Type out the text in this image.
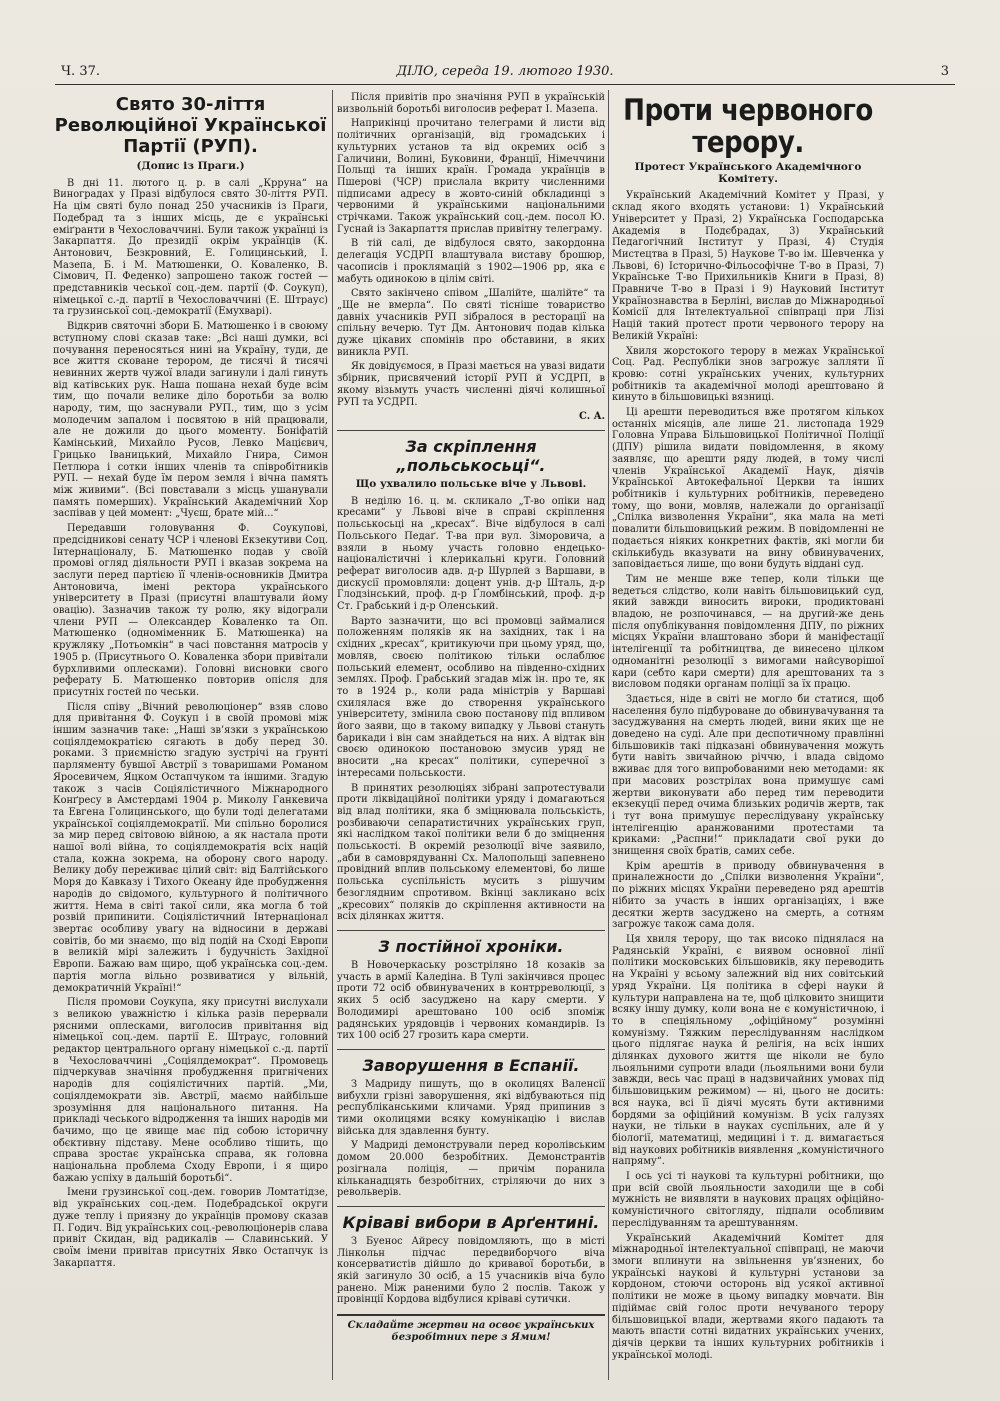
Ч. 37.	ДІЛО, середа 19. лютого 1930.	3
Свято 30-ліття Революційної Української Партії (РУП).
(Допис із Праги.)

В дні 11. лютого ц. р. в салі „Крруна“ на Виноградах у Празі відбулося свято 30-ліття РУП. На цім святі було понад 250 учасників із Праги, Подебрад та з інших місць, де є українські еміґранти в Чехословаччині. Були також українці із Закарпаття. До президії окрім українців (К. Антонович, Безкровний, Е. Голицинський, І. Мазепа, Б. і М. Матюшенки, О. Коваленко, В. Сімович, П. Феденко) запрошено також гостей — представників чеської соц.-дем. партії (Ф. Соукуп), німецької с.-д. партії в Чехословаччині (Е. Штраус) та грузинської соц.-демократії (Емухварі).

Відкрив святочні збори Б. Матюшенко і в своюму вступному слові сказав таке: „Всі наші думки, всі почування переносяться нині на Україну, туди, де все життя сковане терором, де тисячі й тисячі невинних жертв чужої влади загинули і далі гинуть від катівських рук. Наша пошана нехай буде всім тим, що почали велике діло боротьби за волю народу, тим, що заснували РУП., тим, що з усім молодечим запалом і посвятою в ній працювали, але не дожили до цього моменту. Боніфатій Камінський, Михайло Русов, Левко Мацієвич, Грицько Іваницький, Михайло Гнира, Симон Петлюра і сотки інших членів та співробітників РУП. — нехай буде їм пером земля і вічна память між живими“. (Всі повставали з місць ушанували память померших). Український Академічний Хор заспівав у цей момент: „Чуєш, брате мій...“

Передавши головування Ф. Соукупові, предсідникові сенату ЧСР і членові Екзекутиви Соц. Інтернаціоналу, Б. Матюшенко подав у своїй промові огляд діяльности РУП і вказав зокрема на заслуги перед партією її членів-основників Дмитра Антоновича, імені ректора українського університету в Празі (присутні влаштували йому овацію). Зазначив також ту ролю, яку відограли члени РУП — Олександер Коваленко та Оп. Матюшенко (одноміменник Б. Матюшенка) на кружляку „Потьомкін“ в часі повстання матросів у 1905 р. (Присутнього О. Коваленка збори привітали бурхливими оплесками). Головні висновки свого реферату Б. Матюшенко повторив опісля для присутніх гостей по чеськи.

Після співу „Вічний революціонер“ взяв слово для привітання Ф. Соукуп і в своїй промові між іншим зазначив таке: „Наші зв’язки з українською соціялдемократією сягають в добу перед 30. роками. З приємністю згадую зустрічі на ґрунті парляменту бувшої Австрії з товаришами Романом Яросевичем, Яцком Остапчуком та іншими. Згадую також з часів Соціялістичного Міжнародного Конґресу в Амстердамі 1904 р. Миколу Ганкевича та Евгена Голицинського, що були тоді делегатами української соціялдемократії. Ми спільно боролися за мир перед світовою війною, а як настала проти нашої волі війна, то соціялдемократія всіх націй стала, кожна зокрема, на оборону свого народу. Велику добу переживає цілий світ: від Балтійського Моря до Кавказу і Тихого Океану йде пробудження народів до свідомого, культурного й політичного життя. Нема в світі такої сили, яка могла б той розвій припинити. Соціялістичний Інтернаціонал звертає особливу увагу на відносини в державі совітів, бо ми знаємо, що від подій на Сході Европи в великій мірі залежить і будучність Західної Европи. Бажаю вам щиро, щоб українська соц.-дем. партія могла вільно розвиватися у вільній, демократичній Україні!“

Після промови Соукупа, яку присутні вислухали з великою уважністю і кілька разів перервали рясними оплесками, виголосив привітання від німецької соц.-дем. партії Е. Штраус, головний редактор центрального органу німецької с.-д. партії в Чехословаччині „Соціялдемократ“. Промовець підчеркував значіння пробудження пригнічених народів для соціялістичних партій. „Ми, соціялдемократи зів. Австрії, маємо найбільше зрозуміння для національного питання. На прикладі чеського відродження та інших народів ми бачимо, що це явище має під собою історичну обєктивну підставу. Мене особливо тішить, що справа зростає українська справа, як головна національна проблема Сходу Европи, і я щиро бажаю успіху в дальшій боротьбі“.

Імени грузинської соц.-дем. говорив Ломтатідзе, від українських соц.-дем. Подебрадської округи дуже теплу і приязну до українців промову сказав П. Годич. Від українських соц.-революціонерів слава привіт Скидан, від радикалів — Славинський. У своїм імени привітав присутніх Явко Остапчук із Закарпаття.

Після привітів про значіння РУП в українській визвольній боротьбі виголосив реферат І. Мазепа.

Наприкінці прочитано телеграми й листи від політичних організацій, від громадських і культурних установ та від окремих осіб з Галичини, Волині, Буковини, Франції, Німеччини Польщі та інших країн. Громада українців в Пшерові (ЧСР) прислала вкриту численними підписами адресу в жовто-синій обкладинці з червоними й українськими національними стрічками. Також український соц.-дем. посол Ю. Гуснай із Закарпаття прислав привітну телеграму.

В тій салі, де відбулося свято, закордонна делегація УСДРП влаштувала виставу брошюр, часописів і проклямацій з 1902—1906 рр, яка є мабуть одинокою в цілім світі.

Свято закінчено співом „Шалійте, шалійте“ та „Ще не вмерла“. По святі тісніше товариство давніх учасників РУП зібралося в ресторації на спільну вечерю. Тут Дм. Антонович подав кілька дуже цікавих спомінів про обставини, в яких виникла РУП.

Як довідуємося, в Празі мається на увазі видати збірник, присвячений історії РУП й УСДРП, в якому візьмуть участь численні діячі колишньої РУП та УСДРП.

С. А.
За скріплення „польськосьці“.
Що ухвалило польське віче у Львові.

В неділю 16. ц. м. скликало „Т-во опіки над кресами“ у Львові віче в справі скріплення польськосьці на „кресах“. Віче відбулося в салі Польського Педаґ. Т-ва при вул. Зіморовича, а взяли в ньому участь головно ендецько-націоналістичні і клерикальні круги. Головний реферат виголосив адв. д-р Шурлей з Варшави, в дискусії промовляли: доцент унів. д-р Шталь, д-р Глодзінський, проф. д-р Ґломбінський, проф. д-р Ст. Грабський і д-р Оленський.

Варто зазначити, що всі промовці займалися положенням поляків як на західних, так і на східних „кресах“, критикуючи при цьому уряд, що, мовляв, своєю політикою тільки ослаблює польський елемент, особливо на південно-східних землях. Проф. Грабський згадав між ін. про те, як то в 1924 р., коли рада міністрів у Варшаві схилялася вже до створення українського університету, змінила свою постанову під впливом його заяви, що в такому випадку у Львові стануть барикади і він сам знайдеться на них. А відтак він своєю одинокою постановою змусив уряд не вносити „на кресах“ політики, суперечної з інтересами польськости.

В принятих резолюціях зібрані запротестували проти ліквідаційної політики уряду і домагаються від влад політики, яка б зміцнювала польськість, розбиваючи сепаратистичних українських груп, які наслідком такої політики вели б до зміцнення польськості. В окремій резолюції віче заявило, „аби в самоврядуванні Сх. Малопольщі запевнено провідний вплив польському елементові, бо лише польська суспільність мусить з рішучим безоглядним спротивом. Вкінці закликано всіх „кресових“ поляків до скріплення активности на всіх ділянках життя.

З постійної хроніки.

В Новочеркаську розстріляно 18 козаків за участь в армії Каледіна. В Тулі закінчився процес проти 72 осіб обвинувачених в контрреволюції, з яких 5 осіб засуджено на кару смерти. У Володимирі арештовано 100 осіб зпоміж радянських урядовців і червоних командирів. Із тих 100 осіб 27 грозить кара смерти.

Заворушення в Еспанії.

З Мадриду пишуть, що в околицях Валенсії вибухли грізні заворушення, які відбуваються під республіканськими кличами. Уряд припинив з тими околицями всяку комунікацію і вислав війська для здавлення бунту.

У Мадриді демонстрували перед королівським домом 20.000 безробітних. Демонстрантів розігнала поліція, — причім поранила кільканадцять безробітних, стріляючи до них з револьверів.

Кріваві вибори в Арґентині.

З Буенос Айресу повідомляють, що в місті Лінкольн підчас передвиборчого віча консерватистів дійшло до кривавої боротьби, в якій загинуло 30 осіб, а 15 учасників віча було ранено. Між раненими було 2 послів. Також у провінції Кордова відбулися кріваві сутички.

Складайте жертви на освоє українських безробітних пере з Ямим!
Проти червоного терору.
Протест Українського Академічного Комітету.

Український Академічний Комітет у Празі, у склад якого входять установи: 1) Український Університет у Празі, 2) Українська Господарська Академія в Подєбрадах, 3) Український Педагогічний Інститут у Празі, 4) Студія Мистецтва в Празі, 5) Наукове Т-во ім. Шевченка у Львові, 6) Історично-Фільософічне Т-во в Празі, 7) Українське Т-во Прихильників Книги в Празі, 8) Правниче Т-во в Празі і 9) Науковий Інститут Українознавства в Берліні, вислав до Міжнародньої Комісії для Інтелектуальної співпраці при Лізі Націй такий протест проти червоного терору на Великій Україні:

Хвиля жорстокого терору в межах Української Соц. Рад. Республіки знов загрожує залляти її кровю: сотні українських учених, культурних робітників та академічної молоді арештовано й кинуто в більшовицькі вязниці.

Ці арешти переводиться вже протягом кількох останніх місяців, але лише 21. листопада 1929 Головна Управа Більшовицької Політичної Поліції (ДПУ) рішила видати повідомлення, в якому заявляє, що арешти ряду людей, в тому числі членів Української Академії Наук, діячів Української Автокефальної Церкви та інших робітників і культурних робітників, переведено тому, що вони, мовляв, належали до організації „Спілка визволення України“, яка мала на меті повалити більшовицький режим. В повідомленні не подається ніяких конкретних фактів, які могли би скількибудь вказувати на вину обвинувачених, заповідається лише, що вони будуть віддані суд.

Тим не менше вже тепер, коли тільки ще ведеться слідство, коли навіть більшовицький суд, який завжди виносить вироки, продиктовані владою, не розпочинався, — на другий-же день після опублікування повідомлення ДПУ, по ріжних місцях України влаштовано збори й маніфестації інтелігенції та робітництва, де винесено цілком одноманітні резолюції з вимогами найсуворішої кари (себто кари смерти) для арештованих та з висловом подяки органам поліції за їх працю.

Здається, ніде в світі не могло би статися, щоб населення було підбуроване до обвинувачування та засуджування на смерть людей, вини яких ще не доведено на суді. Але при деспотичному правлінні більшовиків такі підказані обвинувачення можуть бути навіть звичайною річчю, і влада свідомо вживає для того випробованими нею методами: як при масових розстрілах вона примушує самі жертви виконувати або перед тим переводити екзекуції перед очима близьких родичів жертв, так і тут вона примушує переслідувану українську інтелігенцію аранжованими протестами та криками: „Распни!“ прикладати свої руки до знищення своїх братів, самих себе.

Крім арештів в приводу обвинувачення в приналежности до „Спілки визволення України“, по ріжних місцях України переведено ряд арештів нібито за участь в інших організаціях, і вже десятки жертв засуджено на смерть, а сотням загрожує також сама доля.

Ця хвиля терору, що так високо піднялася на Радянській Україні, є виявом основної лінії політики московських більшовиків, яку переводить на Україні у всьому залежний від них совітський уряд України. Ця політика в сфері науки й культури направлена на те, щоб цілковито знищити всяку іншу думку, коли вона не є комуністичною, і то в спеціяльному „офіційному“ розумінні комунізму. Тяжким переслідуванням наслідком цього підлягає наука й релігія, на всіх інших ділянках духового життя ще ніколи не було льояльними супроти влади (льояльними вони були завжди, весь час праці в надзвичайних умовах під більшовицьким режимом) — ні, цього не досить: вся наука, всі її діячі мусять бути активними бордями за офіційний комунізм. В усіх галузях науки, не тільки в науках суспільних, але й у біології, математиці, медицині і т. д. вимагається від наукових робітників виявлення „комуністичного напряму“.

І ось усі ті наукові та культурні робітники, що при всій своїй льояльности заходили ще в собі мужність не виявляти в наукових працях офіційно-комуністичного світогляду, підпали особливим переслідуванням та арештуванням.

Український Академічний Комітет для міжнародньої інтелектуальної співпраці, не маючи змоги вплинути на звільнення ув’язнених, бо українські наукові й культурні установи за кордоном, стоючи осторонь від усякої активної політики не може в цьому випадку мовчати. Він підіймає свій голос проти нечуваного терору більшовицької влади, жертвами якого падають та мають впасти сотні видатних українських учених, діячів церкви та інших культурних робітників і української молоді.
